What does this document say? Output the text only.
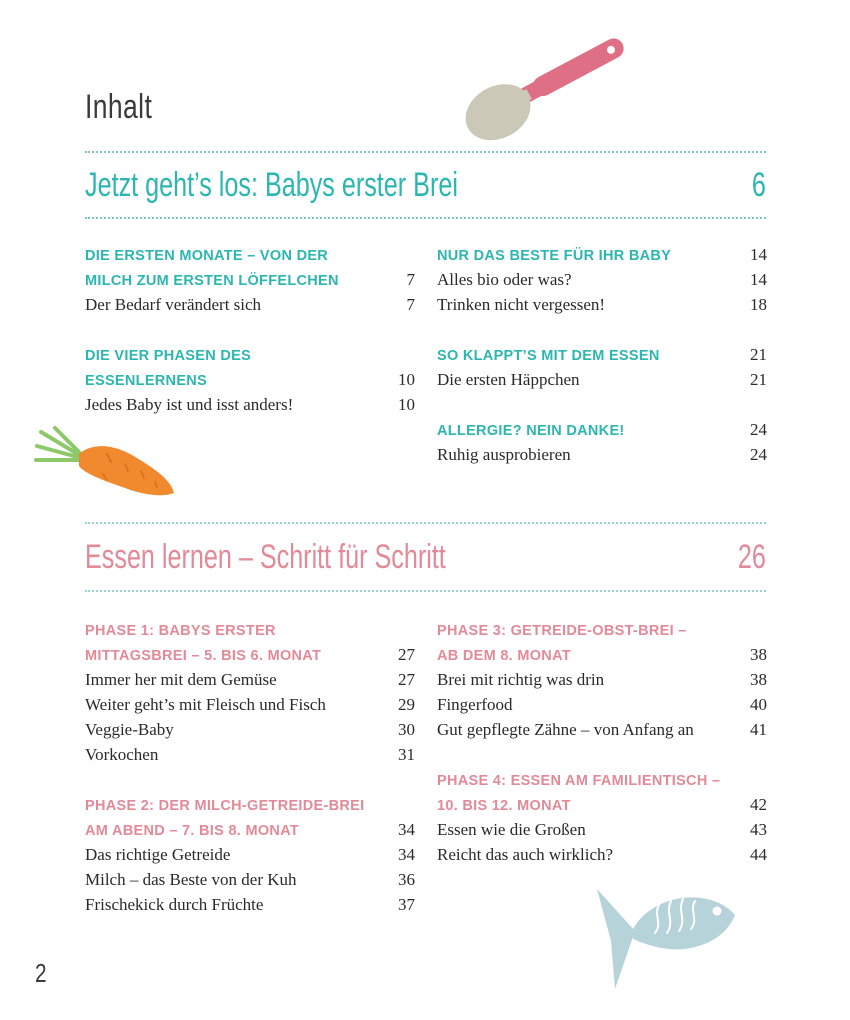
Inhalt
Jetzt geht’s los: Babys erster Brei	6
DIE ERSTEN MONATE – VON DER
MILCH ZUM ERSTEN LÖFFELCHEN	7
Der Bedarf verändert sich	7
DIE VIER PHASEN DES
ESSENLERNENS	10
Jedes Baby ist und isst anders!	10
NUR DAS BESTE FÜR IHR BABY	14
Alles bio oder was?	14
Trinken nicht vergessen!	18
SO KLAPPT’S MIT DEM ESSEN	21
Die ersten Häppchen	21
ALLERGIE? NEIN DANKE!	24
Ruhig ausprobieren	24
Essen lernen – Schritt für Schritt	26
PHASE 1: BABYS ERSTER
MITTAGSBREI – 5. BIS 6. MONAT	27
Immer her mit dem Gemüse	27
Weiter geht’s mit Fleisch und Fisch	29
Veggie-Baby	30
Vorkochen	31
PHASE 2: DER MILCH-GETREIDE-BREI
AM ABEND – 7. BIS 8. MONAT	34
Das richtige Getreide	34
Milch – das Beste von der Kuh	36
Frischekick durch Früchte	37
PHASE 3: GETREIDE-OBST-BREI –
AB DEM 8. MONAT	38
Brei mit richtig was drin	38
Fingerfood	40
Gut gepflegte Zähne – von Anfang an	41
PHASE 4: ESSEN AM FAMILIENTISCH –
10. BIS 12. MONAT	42
Essen wie die Großen	43
Reicht das auch wirklich?	44
2
